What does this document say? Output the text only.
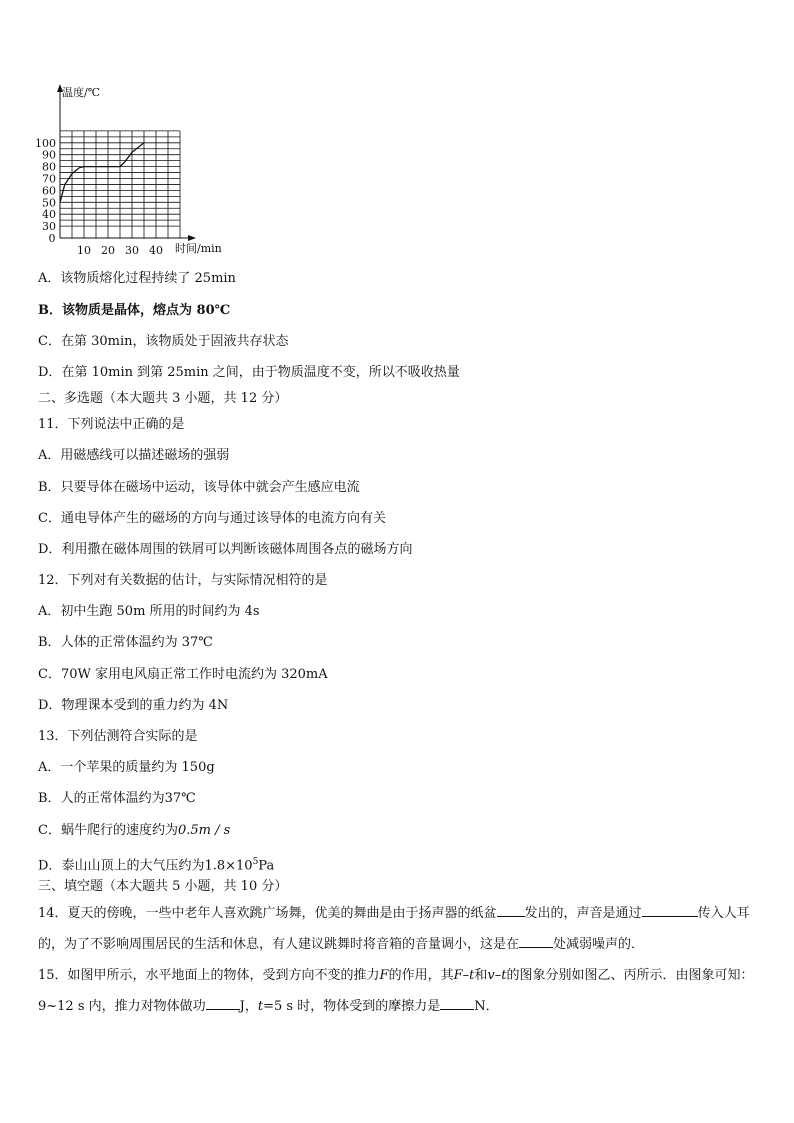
30
40
50
60
70
80
90
100
0
10 20 30 40
温度/℃
时间/min
A．该物质熔化过程持续了 25min
B．该物质是晶体，熔点为 80℃
C．在第 30min，该物质处于固液共存状态
D．在第 10min 到第 25min 之间，由于物质温度不变，所以不吸收热量
二、多选题（本大题共 3 小题，共 12 分）
11．下列说法中正确的是
A．用磁感线可以描述磁场的强弱
B．只要导体在磁场中运动，该导体中就会产生感应电流
C．通电导体产生的磁场的方向与通过该导体的电流方向有关
D．利用撒在磁体周围的铁屑可以判断该磁体周围各点的磁场方向
12．下列对有关数据的估计，与实际情况相符的是
A．初中生跑 50m 所用的时间约为 4s
B．人体的正常体温约为 37℃
C．70W 家用电风扇正常工作时电流约为 320mA
D．物理课本受到的重力约为 4N
13．下列估测符合实际的是
A．一个苹果的质量约为 150g
B．人的正常体温约为37℃
C．蜗牛爬行的速度约为0.5m / s
D．泰山山顶上的大气压约为$1.8\times 10^5Pa$
三、填空题（本大题共 5 小题，共 10 分）
14．夏天的傍晚，一些中老年人喜欢跳广场舞，优美的舞曲是由于扬声器的纸盆 发出的，声音是通过	传入人耳的，为了不影响周围居民的生活和休息，有人建议跳舞时将音箱的音量调小，这是在	处减弱噪声的．
15．如图甲所示，水平地面上的物体，受到方向不变的推力F的作用，其F–t和v–t的图象分别如图乙、丙所示．由图象可知：9~12 s 内，推力对物体做功	J，t=5 s 时，物体受到的摩擦力是	N．
